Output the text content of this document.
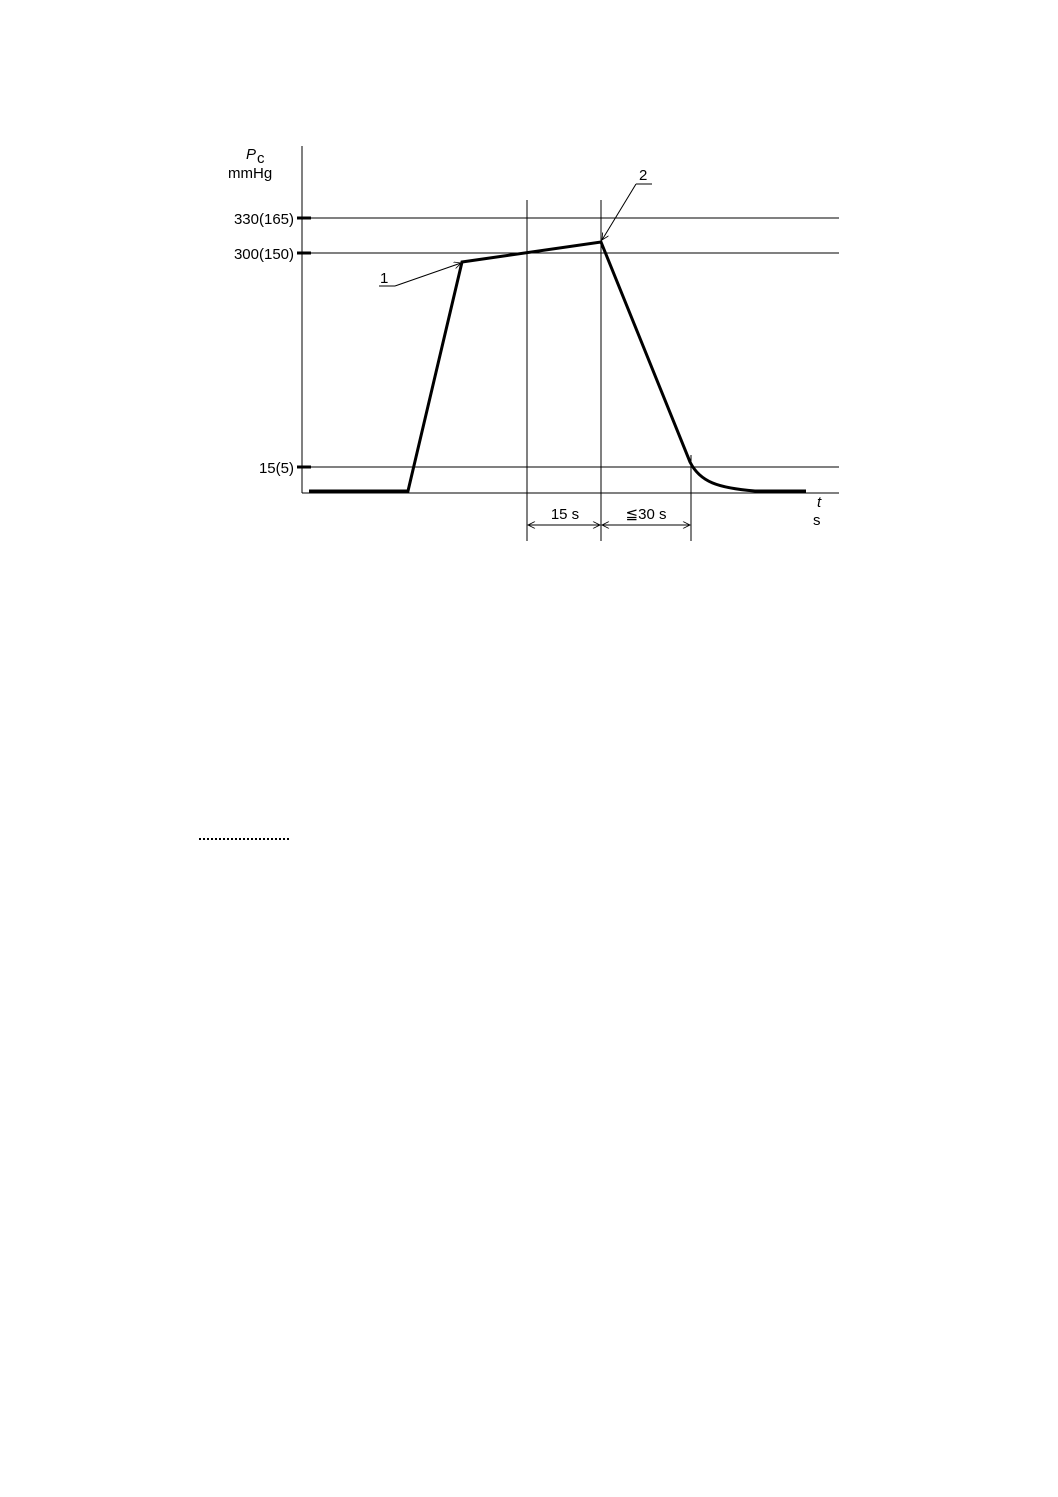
P c
mmHg
330(165)
300(150)
15(5)
t
s
1
2
15 s	≦30 s
